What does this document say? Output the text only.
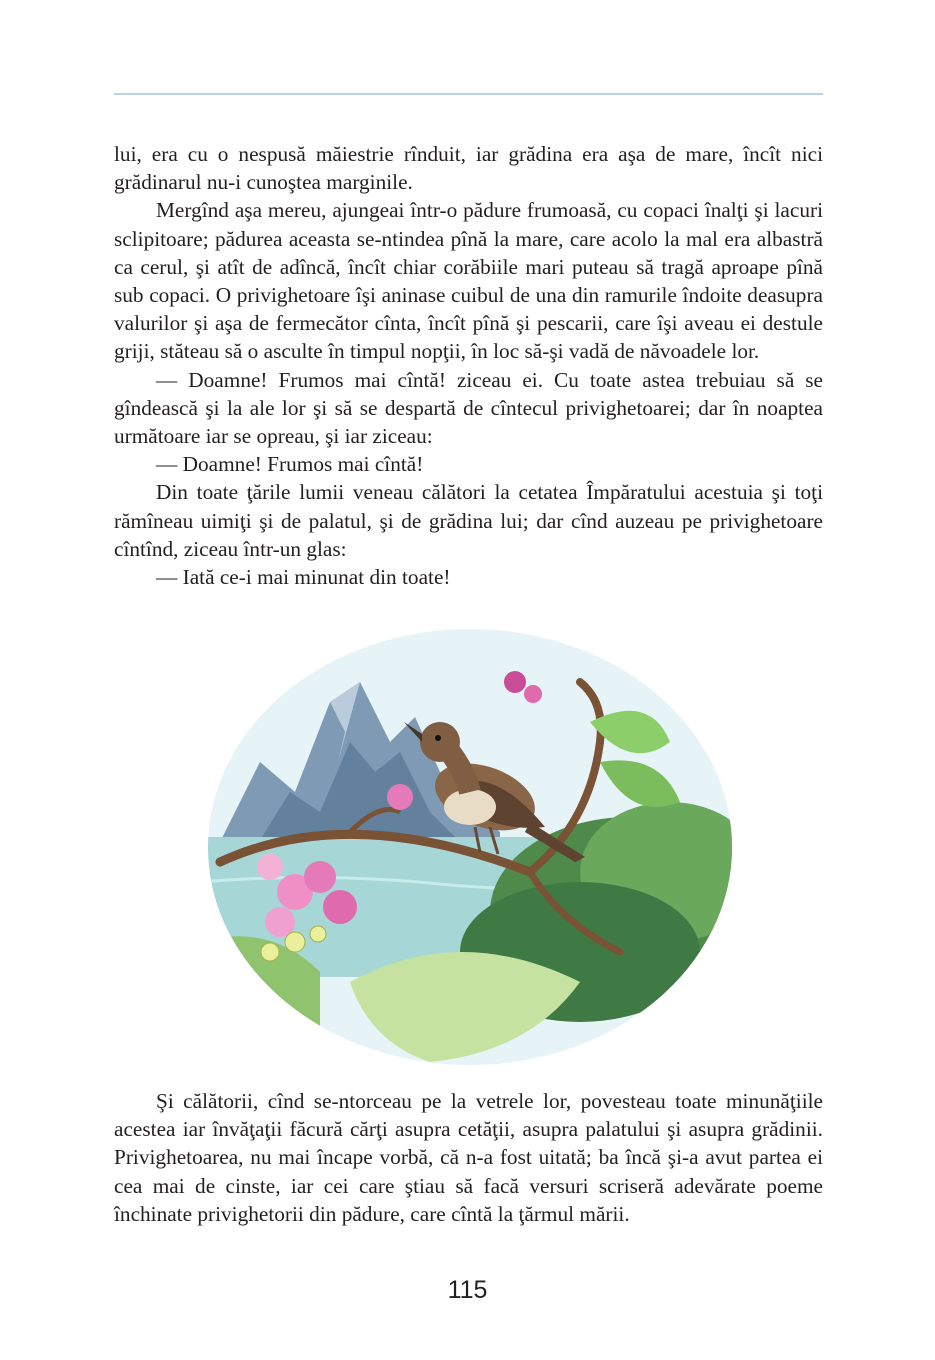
lui, era cu o nespusă măiestrie rînduit, iar grădina era aşa de mare, încît nici grădinarul nu-i cunoştea marginile.

Mergînd aşa mereu, ajungeai într-o pădure frumoasă, cu copaci înalţi şi lacuri sclipitoare; pădurea aceasta se-ntindea pînă la mare, care acolo la mal era albastră ca cerul, şi atît de adîncă, încît chiar corăbiile mari puteau să tragă aproape pînă sub copaci. O privighetoare îşi aninase cuibul de una din ramurile îndoite deasupra valurilor şi aşa de fermecător cînta, încît pînă şi pescarii, care îşi aveau ei destule griji, stăteau să o asculte în timpul nopţii, în loc să-şi vadă de năvoadele lor.

— Doamne! Frumos mai cîntă! ziceau ei. Cu toate astea trebuiau să se gîndească şi la ale lor şi să se despartă de cîntecul privighetoarei; dar în noaptea următoare iar se opreau, şi iar ziceau:

— Doamne! Frumos mai cîntă!

Din toate ţările lumii veneau călători la cetatea Împăratului acestuia şi toţi rămîneau uimiţi şi de palatul, şi de grădina lui; dar cînd auzeau pe privighetoare cîntînd, ziceau într-un glas:

— Iată ce-i mai minunat din toate!

Şi călătorii, cînd se-ntorceau pe la vetrele lor, povesteau toate minunăţiile acestea iar învăţaţii făcură cărţi asupra cetăţii, asupra palatului şi asupra grădinii. Privighetoarea, nu mai încape vorbă, că n-a fost uitată; ba încă şi-a avut partea ei cea mai de cinste, iar cei care ştiau să facă versuri scriseră adevărate poeme închinate privighetorii din pădure, care cîntă la ţărmul mării.

115
